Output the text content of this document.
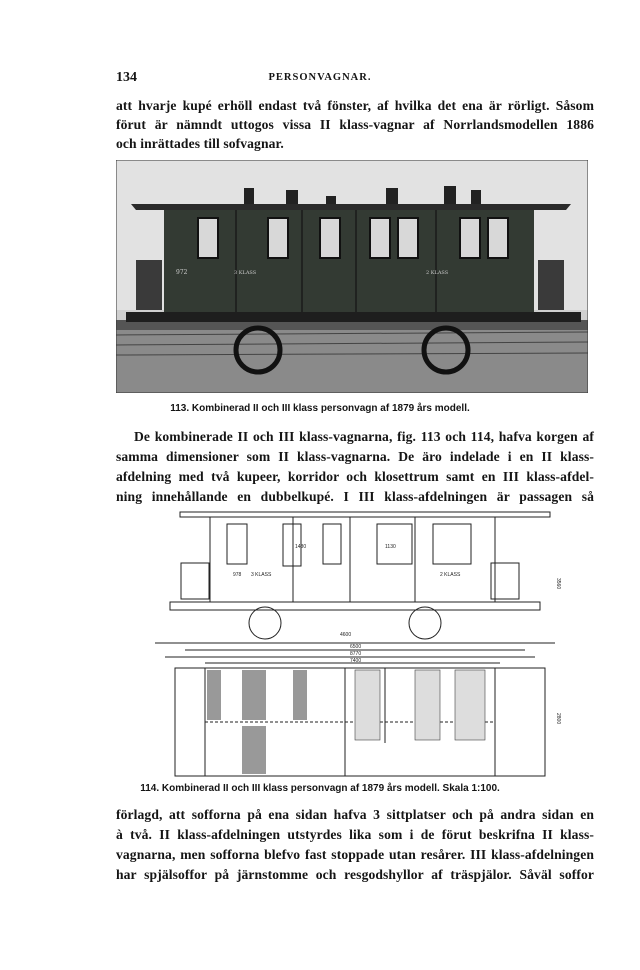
134	PERSONVAGNAR.
att hvarje kupé erhöll endast två fönster, af hvilka det ena är rörligt. Såsom
förut är nämndt uttogos vissa II klass-vagnar af Norrlandsmodellen 1886
och inrättades till sofvagnar.
972	3 KLASS	2 KLASS
113. Kombinerad II och III klass personvagn af 1879 års modell.
De kombinerade II och III klass-vagnarna, fig. 113 och 114, hafva korgen af
samma dimensioner som II klass-vagnarna. De äro indelade i en II klass-
afdelning med två kupeer, korridor och klosettrum samt en III klass-afdel-
ning innehållande en dubbelkupé. I III klass-afdelningen är passagen så
978 3 KLASS	2 KLASS
6500
8770
7400
4600
1480	1130
3560
2800
114. Kombinerad II och III klass personvagn af 1879 års modell. Skala 1:100.
förlagd, att sofforna på ena sidan hafva 3 sittplatser och på andra sidan en
à två. II klass-afdelningen utstyrdes lika som i de förut beskrifna II klass-
vagnarna, men sofforna blefvo fast stoppade utan resårer. III klass-afdelningen
har spjälsoffor på järnstomme och resgodshyllor af träspjälor. Såväl soffor
